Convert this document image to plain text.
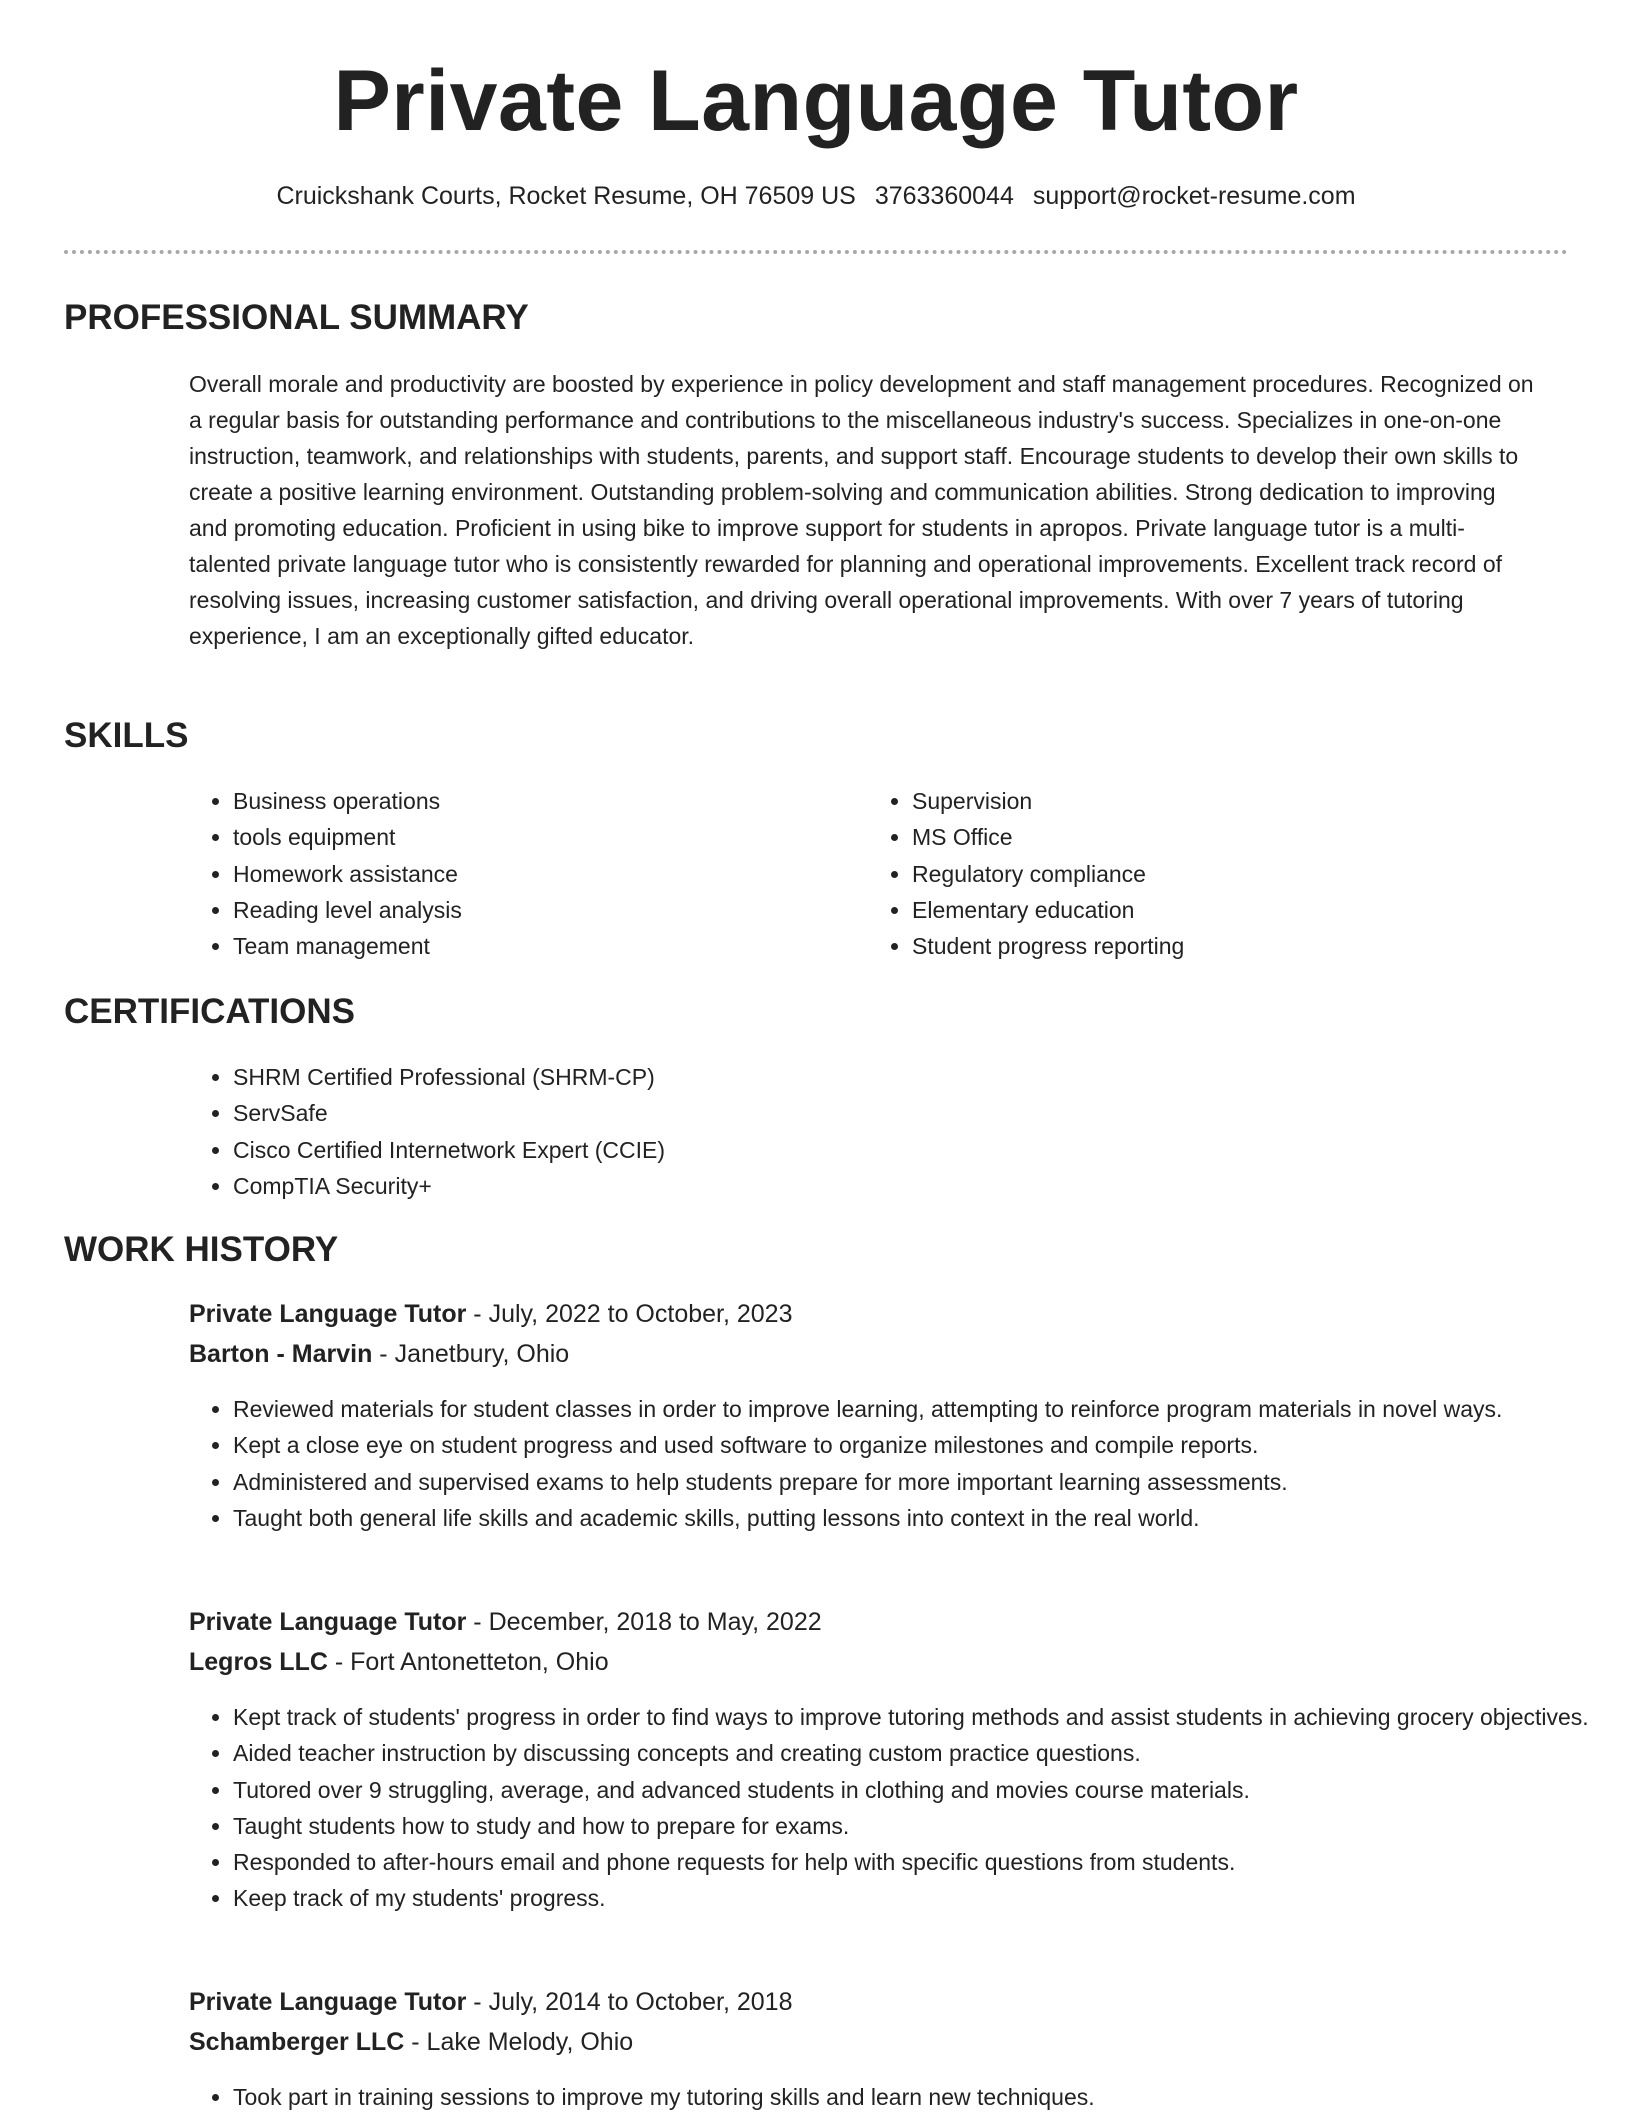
Private Language Tutor
Cruickshank Courts, Rocket Resume, OH 76509 US 3763360044 support@rocket-resume.com
PROFESSIONAL SUMMARY

Overall morale and productivity are boosted by experience in policy development and staff management procedures. Recognized on a regular basis for outstanding performance and contributions to the miscellaneous industry's success. Specializes in one-on-one instruction, teamwork, and relationships with students, parents, and support staff. Encourage students to develop their own skills to create a positive learning environment. Outstanding problem-solving and communication abilities. Strong dedication to improving and promoting education. Proficient in using bike to improve support for students in apropos. Private language tutor is a multi-talented private language tutor who is consistently rewarded for planning and operational improvements. Excellent track record of resolving issues, increasing customer satisfaction, and driving overall operational improvements. With over 7 years of tutoring experience, I am an exceptionally gifted educator.

SKILLS
• Business operations
• tools equipment
• Homework assistance
• Reading level analysis
• Team management
• Supervision
• MS Office
• Regulatory compliance
• Elementary education
• Student progress reporting
CERTIFICATIONS
• SHRM Certified Professional (SHRM-CP)
• ServSafe
• Cisco Certified Internetwork Expert (CCIE)
• CompTIA Security+
WORK HISTORY
Private Language Tutor - July, 2022 to October, 2023
Barton - Marvin - Janetbury, Ohio
• Reviewed materials for student classes in order to improve learning, attempting to reinforce program materials in novel ways.
• Kept a close eye on student progress and used software to organize milestones and compile reports.
• Administered and supervised exams to help students prepare for more important learning assessments.
• Taught both general life skills and academic skills, putting lessons into context in the real world.
Private Language Tutor - December, 2018 to May, 2022
Legros LLC - Fort Antonetteton, Ohio
• Kept track of students' progress in order to find ways to improve tutoring methods and assist students in achieving grocery objectives.
• Aided teacher instruction by discussing concepts and creating custom practice questions.
• Tutored over 9 struggling, average, and advanced students in clothing and movies course materials.
• Taught students how to study and how to prepare for exams.
• Responded to after-hours email and phone requests for help with specific questions from students.
• Keep track of my students' progress.
Private Language Tutor - July, 2014 to October, 2018
Schamberger LLC - Lake Melody, Ohio
• Took part in training sessions to improve my tutoring skills and learn new techniques.
